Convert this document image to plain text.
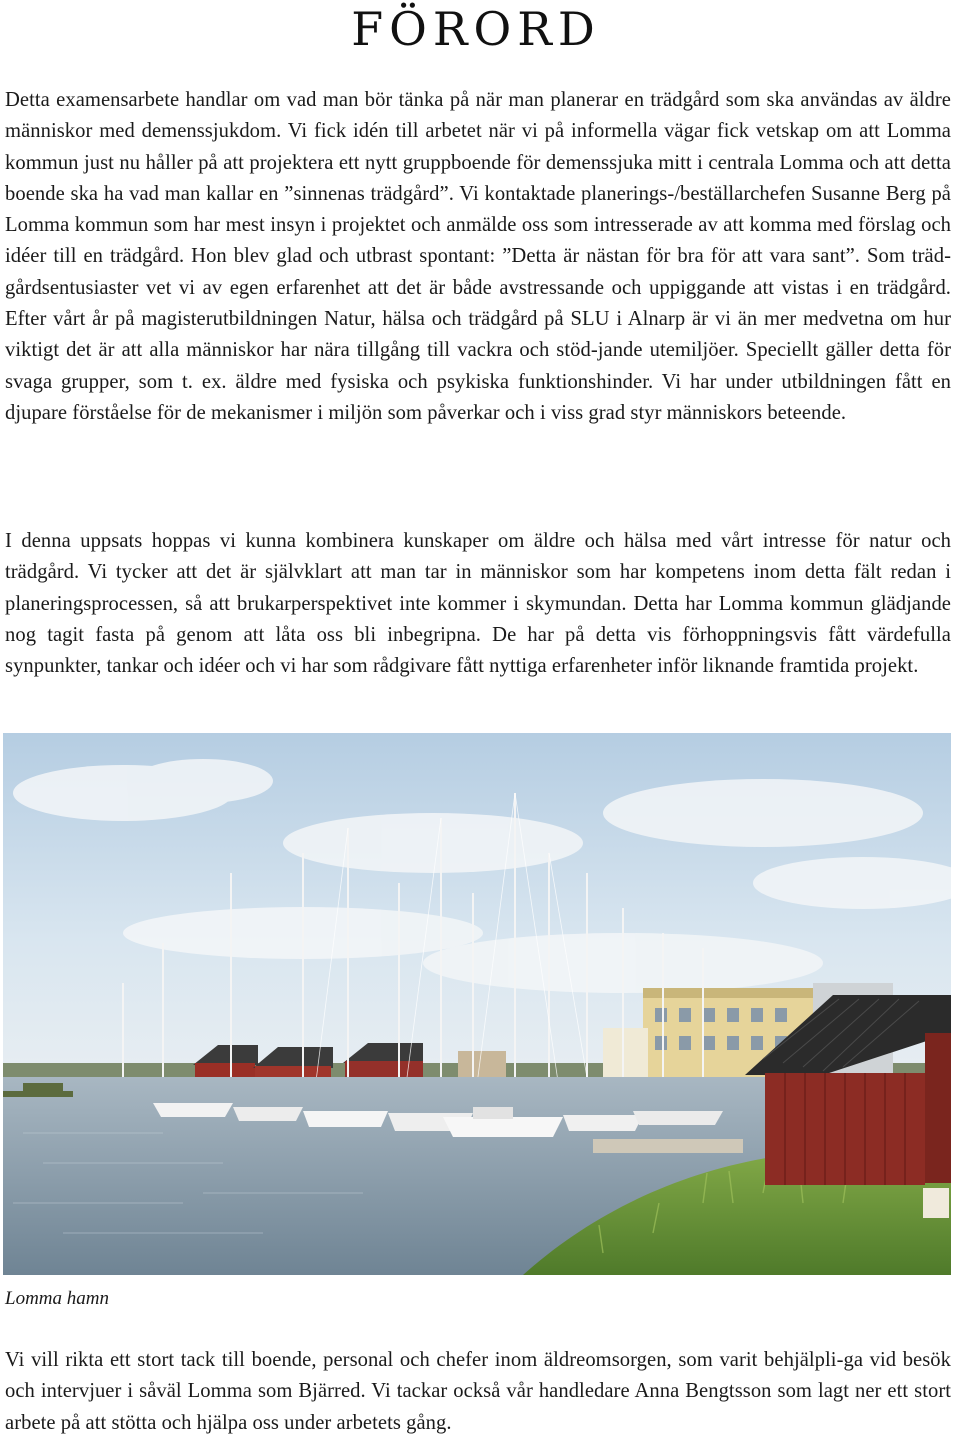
FÖRORD

Detta examensarbete handlar om vad man bör tänka på när man planerar en trädgård som ska användas av äldre människor med demenssjukdom. Vi fick idén till arbetet när vi på informella vägar fick vetskap om att Lomma kommun just nu håller på att projektera ett nytt gruppboende för demenssjuka mitt i centrala Lomma och att detta boende ska ha vad man kallar en ”sinnenas trädgård”. Vi kontaktade planerings-/beställarchefen Susanne Berg på Lomma kommun som har mest insyn i projektet och anmälde oss som intresserade av att komma med förslag och idéer till en trädgård. Hon blev glad och utbrast spontant: ”Detta är nästan för bra för att vara sant”. Som träd-gårdsentusiaster vet vi av egen erfarenhet att det är både avstressande och uppiggande att vistas i en trädgård. Efter vårt år på magisterutbildningen Natur, hälsa och trädgård på SLU i Alnarp är vi än mer medvetna om hur viktigt det är att alla människor har nära tillgång till vackra och stöd-jande utemiljöer. Speciellt gäller detta för svaga grupper, som t. ex. äldre med fysiska och psykiska funktionshinder. Vi har under utbildningen fått en djupare förståelse för de mekanismer i miljön som påverkar och i viss grad styr människors beteende.

I denna uppsats hoppas vi kunna kombinera kunskaper om äldre och hälsa med vårt intresse för natur och trädgård. Vi tycker att det är självklart att man tar in människor som har kompetens inom detta fält redan i planeringsprocessen, så att brukarperspektivet inte kommer i skymundan. Detta har Lomma kommun glädjande nog tagit fasta på genom att låta oss bli inbegripna. De har på detta vis förhoppningsvis fått värdefulla synpunkter, tankar och idéer och vi har som rådgivare fått nyttiga erfarenheter inför liknande framtida projekt.

Lomma hamn

Vi vill rikta ett stort tack till boende, personal och chefer inom äldreomsorgen, som varit behjälpli-ga vid besök och intervjuer i såväl Lomma som Bjärred. Vi tackar också vår handledare Anna Bengtsson som lagt ner ett stort arbete på att stötta och hjälpa oss under arbetets gång.
